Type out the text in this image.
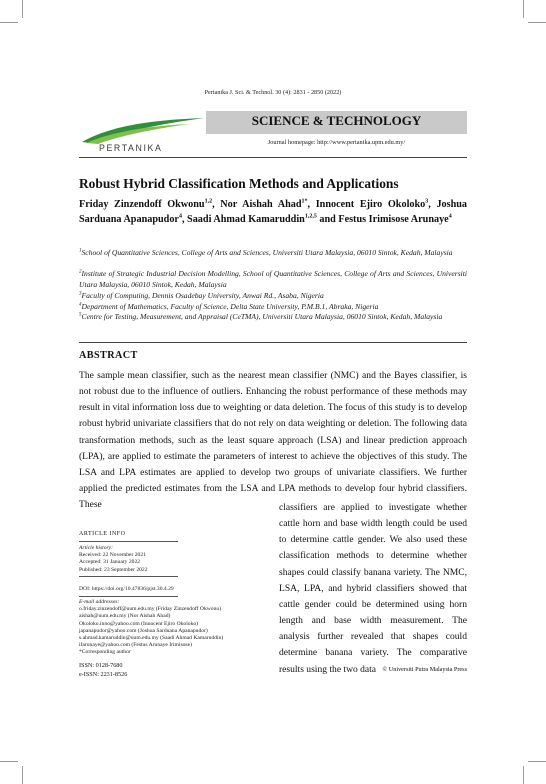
Pertanika J. Sci. & Technol. 30 (4): 2831 - 2850 (2022)
PERTANIKA
SCIENCE & TECHNOLOGY
Journal homepage: http://www.pertanika.upm.edu.my/
Robust Hybrid Classification Methods and Applications
Friday Zinzendoff Okwonu$^{1,2}$, Nor Aishah Ahad$^{1*}$, Innocent Ejiro Okoloko$^3$, Joshua Sarduana Apanapudor$^4$, Saadi Ahmad Kamaruddin$^{1,2,5}$ and Festus Irimisose Arunaye$^4$
$^1$School of Quantitative Sciences, College of Arts and Sciences, Universiti Utara Malaysia, 06010 Sintok, Kedah, Malaysia
$^2$Institute of Strategic Industrial Decision Modelling, School of Quantitative Sciences, College of Arts and Sciences, Universiti Utara Malaysia, 06010 Sintok, Kedah, Malaysia
$^3$Faculty of Computing, Dennis Osadebay University, Anwai Rd., Asaba, Nigeria
$^4$Department of Mathematics, Faculty of Science, Delta State University, P.M.B.1, Abraka, Nigeria
$^5$Centre for Testing, Measurement, and Appraisal (CeTMA), Universiti Utara Malaysia, 06010 Sintok, Kedah, Malaysia
ABSTRACT
The sample mean classifier, such as the nearest mean classifier (NMC) and the Bayes classifier, is not robust due to the influence of outliers. Enhancing the robust performance of these methods may result in vital information loss due to weighting or data deletion. The focus of this study is to develop robust hybrid univariate classifiers that do not rely on data weighting or deletion. The following data transformation methods, such as the least square approach (LSA) and linear prediction approach (LPA), are applied to estimate the parameters of interest to achieve the objectives of this study. The LSA and LPA estimates are applied to develop two groups of univariate classifiers. We further applied the predicted estimates from the LSA and LPA methods to develop four hybrid classifiers. These	classifiers are applied to investigate whether cattle horn and base width length could be used to determine cattle gender. We also used these classification methods to determine whether shapes could classify banana variety. The NMC, LSA, LPA, and hybrid classifiers showed that cattle gender could be determined using horn length and base width measurement. The analysis further revealed that shapes could determine banana variety. The comparative results using the two data
ARTICLE INFO
Article history:
Received: 22 November 2021
Accepted: 31 January 2022
Published: 23 September 2022
DOI: https://doi.org/10.47836/pjst.30.4.29
E-mail addresses:
o.friday.zinzendoff@uum.edu.my (Friday Zinzendoff Okwonu)
aishah@uum.edu.my (Nor Aishah Ahad)
Okoloko.inno@yahoo.com (Innocent Ejiro Okoloko)
japanapudor@yahoo.com (Joshua Sarduana Apanapudor)
s.ahmad.kamaruddin@uum.edu.my (Saadi Ahmad Kamaruddin)
ifarunaye@yahoo.com (Festus Arunaye Irimisose)
*Corresponding author
ISSN: 0128-7680
e-ISSN: 2231-8526
© Universiti Putra Malaysia Press
